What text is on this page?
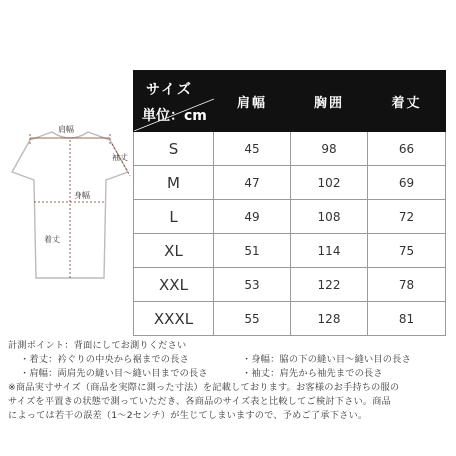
肩幅
袖丈
身幅
着丈
サイズ
単位：cm	肩幅	胸囲	着丈
S	45	98	66
M	47	102	69
L	49	108	72
XL	51	114	75
XXL	53	122	78
XXXL	55	128	81
計測ポイント：背面にしてお測りください
・着丈：衿ぐりの中央から裾までの長さ	・身幅：脇の下の縫い目～縫い目の長さ
・肩幅：両肩先の縫い目～縫い目までの長さ	・袖丈：肩先から袖先までの長さ
※商品実寸サイズ（商品を実際に測った寸法）を記載しております。お客様のお手持ちの服の
サイズを平置きの状態で測っていただき、各商品のサイズ表と比較してご検討下さい。商品
によっては若干の誤差（1～2センチ）が生じてしまいますので、予めご了承下さい。
